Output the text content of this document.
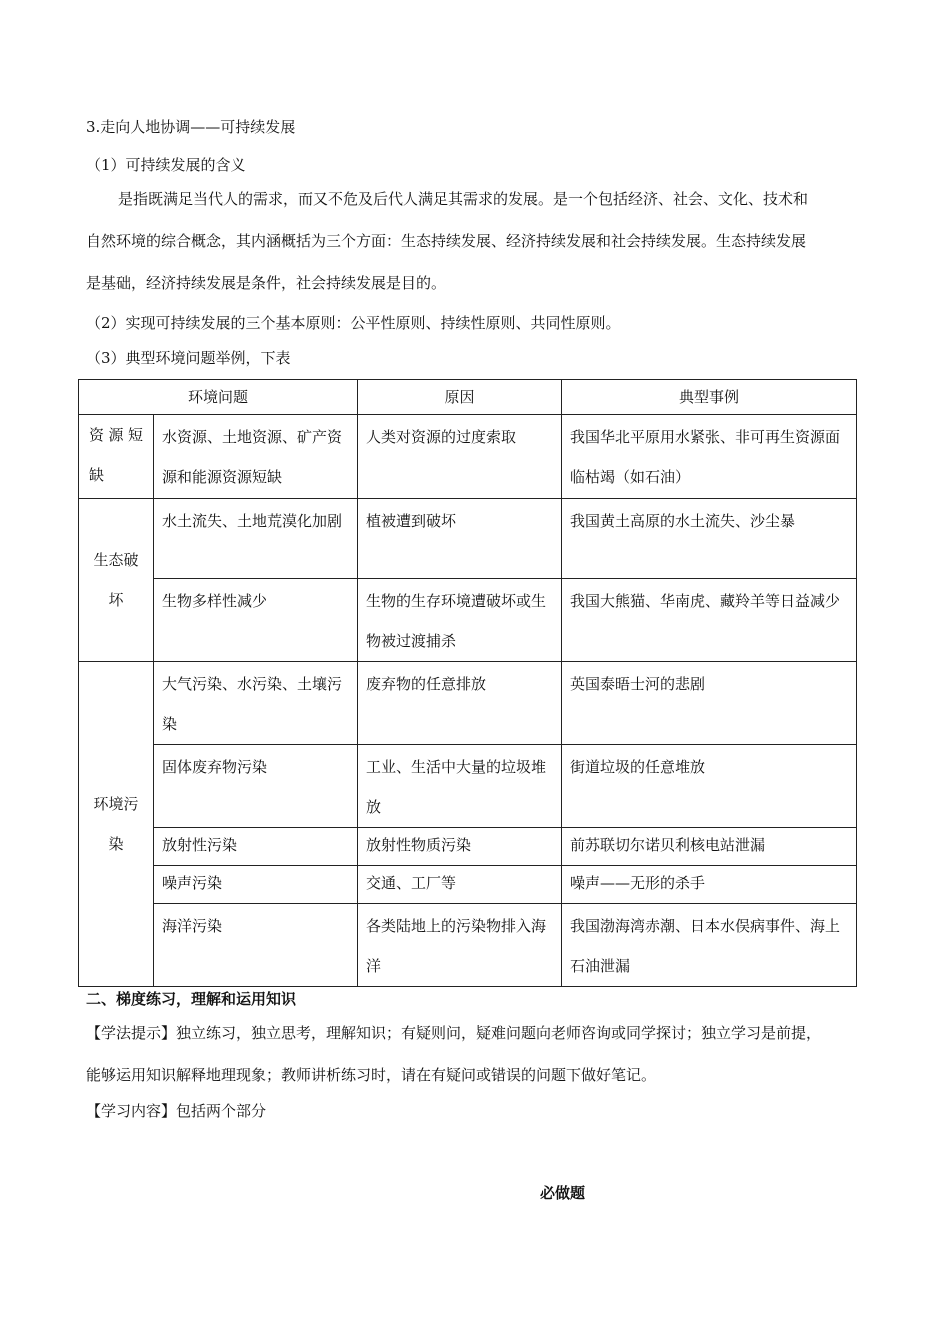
3.走向人地协调——可持续发展
（1）可持续发展的含义
是指既满足当代人的需求，而又不危及后代人满足其需求的发展。是一个包括经济、社会、文化、技术和
自然环境的综合概念，其内涵概括为三个方面：生态持续发展、经济持续发展和社会持续发展。生态持续发展
是基础，经济持续发展是条件，社会持续发展是目的。
（2）实现可持续发展的三个基本原则：公平性原则、持续性原则、共同性原则。
（3）典型环境问题举例，下表
环境问题		原因	典型事例
资源短缺	水资源、土地资源、矿产资源和能源资源短缺	人类对资源的过度索取	我国华北平原用水紧张、非可再生资源面临枯竭（如石油）
生态破坏	水土流失、土地荒漠化加剧	植被遭到破坏	我国黄土高原的水土流失、沙尘暴
	生物多样性减少	生物的生存环境遭破坏或生物被过渡捕杀	我国大熊猫、华南虎、藏羚羊等日益减少
环境污染	大气污染、水污染、土壤污染	废弃物的任意排放	英国泰晤士河的悲剧
	固体废弃物污染	工业、生活中大量的垃圾堆放	街道垃圾的任意堆放
	放射性污染	放射性物质污染	前苏联切尔诺贝利核电站泄漏
	噪声污染	交通、工厂等	噪声——无形的杀手
	海洋污染	各类陆地上的污染物排入海洋	我国渤海湾赤潮、日本水俣病事件、海上石油泄漏
二、梯度练习，理解和运用知识
【学法提示】独立练习，独立思考，理解知识；有疑则问，疑难问题向老师咨询或同学探讨；独立学习是前提，
能够运用知识解释地理现象；教师讲析练习时，请在有疑问或错误的问题下做好笔记。
【学习内容】包括两个部分
必做题
